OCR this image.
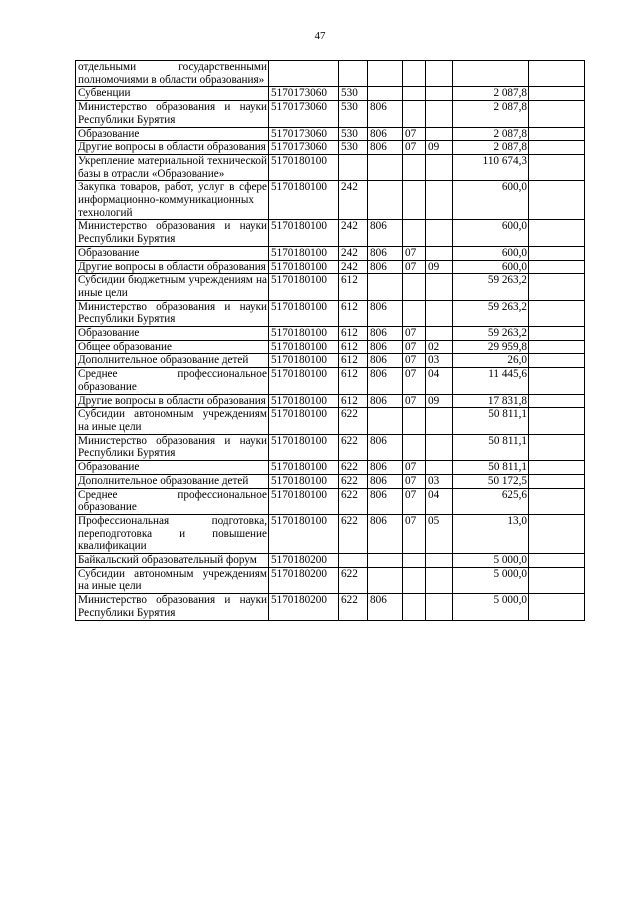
47
отдельными государственными полномочиями в области образования»							
Субвенции	5170173060	530				2 087,8	
Министерство образования и науки Республики Бурятия	5170173060	530	806			2 087,8	
Образование	5170173060	530	806	07		2 087,8	
Другие вопросы в области образования	5170173060	530	806	07	09	2 087,8	
Укрепление материальной технической базы в отрасли «Образование»	5170180100					110 674,3	
Закупка товаров, работ, услуг в сфере информационно-коммуникационных технологий	5170180100	242				600,0	
Министерство образования и науки Республики Бурятия	5170180100	242	806			600,0	
Образование	5170180100	242	806	07		600,0	
Другие вопросы в области образования	5170180100	242	806	07	09	600,0	
Субсидии бюджетным учреждениям на иные цели	5170180100	612				59 263,2	
Министерство образования и науки Республики Бурятия	5170180100	612	806			59 263,2	
Образование	5170180100	612	806	07		59 263,2	
Общее образование	5170180100	612	806	07	02	29 959,8	
Дополнительное образование детей	5170180100	612	806	07	03	26,0	
Среднее профессиональное образование	5170180100	612	806	07	04	11 445,6	
Другие вопросы в области образования	5170180100	612	806	07	09	17 831,8	
Субсидии автономным учреждениям на иные цели	5170180100	622				50 811,1	
Министерство образования и науки Республики Бурятия	5170180100	622	806			50 811,1	
Образование	5170180100	622	806	07		50 811,1	
Дополнительное образование детей	5170180100	622	806	07	03	50 172,5	
Среднее профессиональное образование	5170180100	622	806	07	04	625,6	
Профессиональная подготовка, переподготовка и повышение квалификации	5170180100	622	806	07	05	13,0	
Байкальский образовательный форум	5170180200					5 000,0	
Субсидии автономным учреждениям на иные цели	5170180200	622				5 000,0	
Министерство образования и науки Республики Бурятия	5170180200	622	806			5 000,0	
